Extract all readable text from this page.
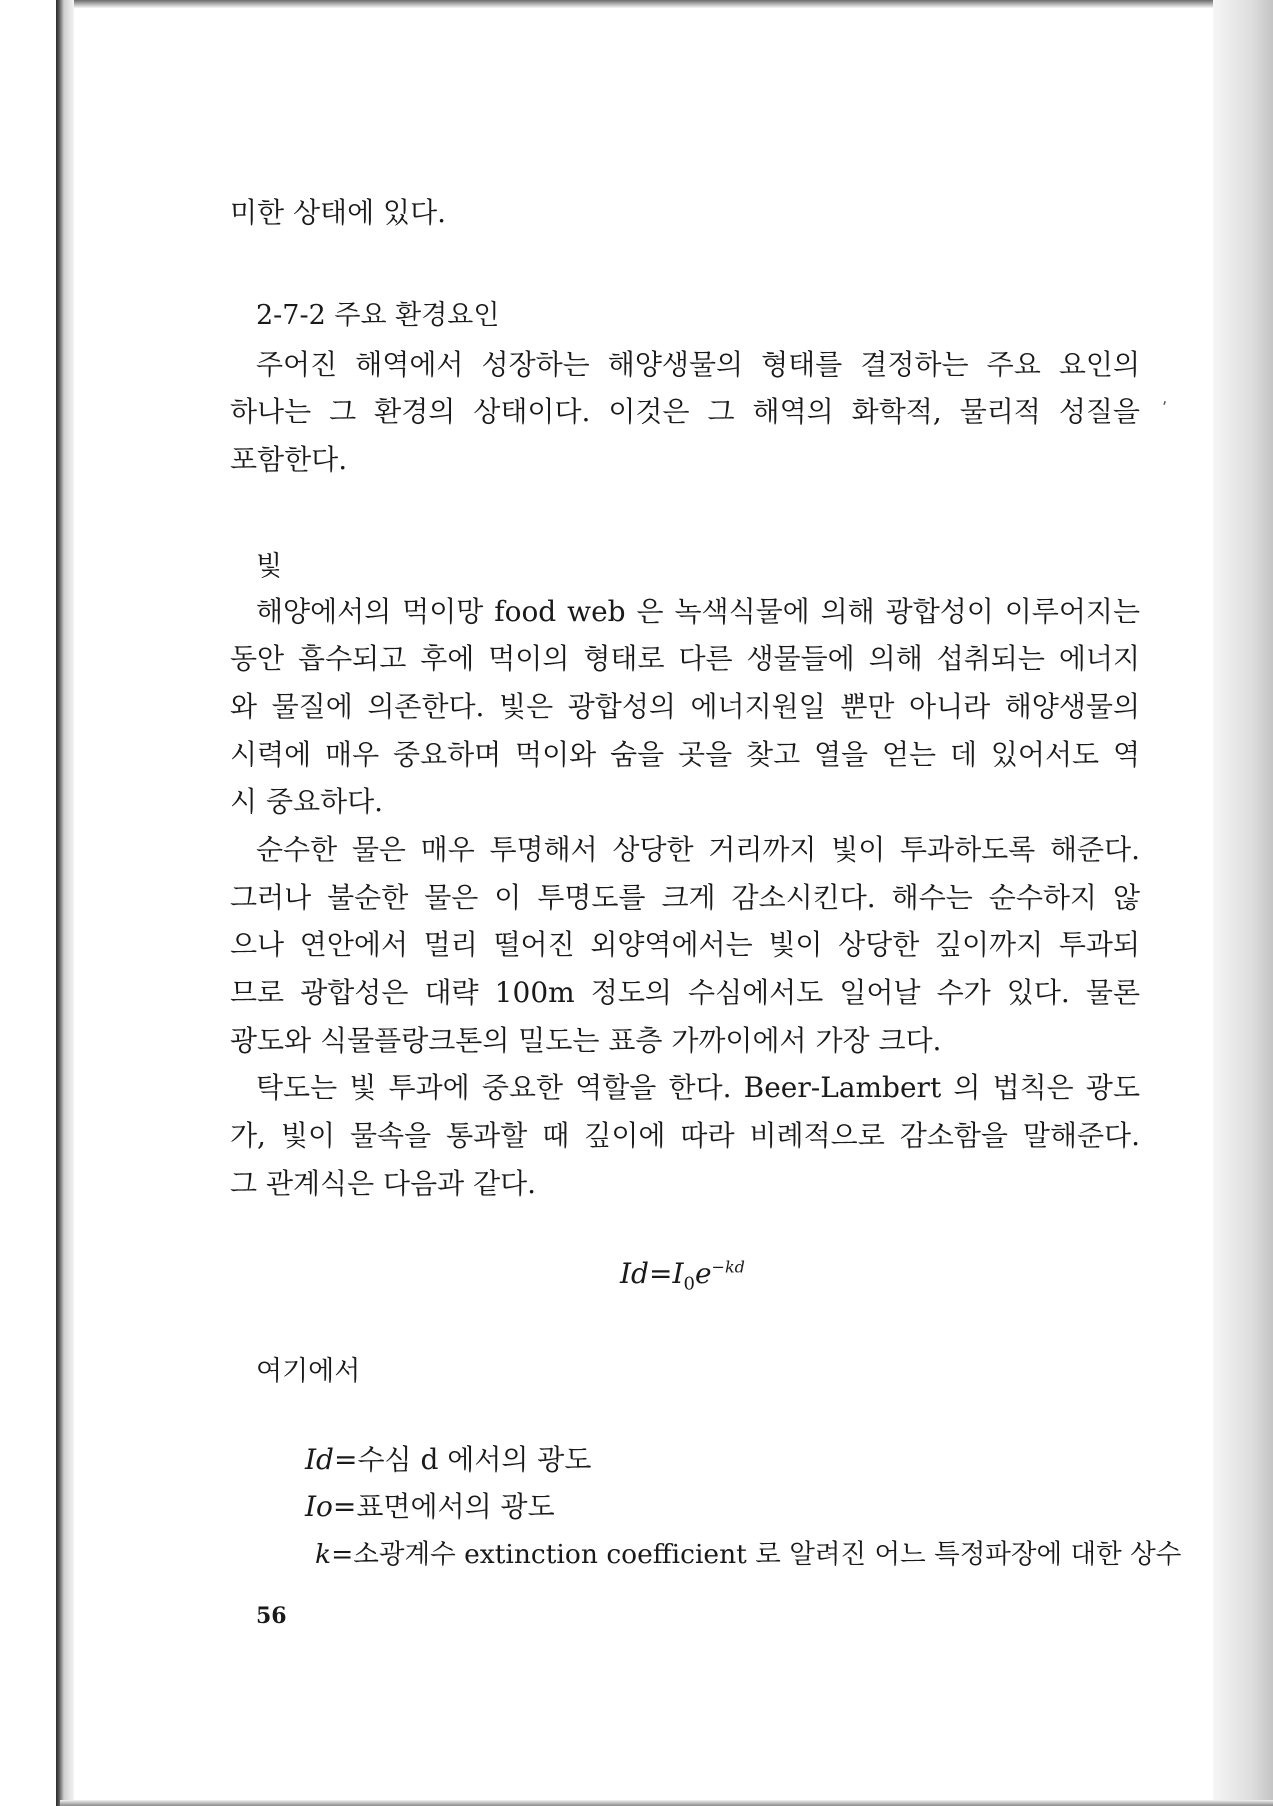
미한 상태에 있다.
2-7-2 주요 환경요인
주어진 해역에서 성장하는 해양생물의 형태를 결정하는 주요 요인의
하나는 그 환경의 상태이다. 이것은 그 해역의 화학적, 물리적 성질을
포함한다.
ʼ
빛
해양에서의 먹이망 food web 은 녹색식물에 의해 광합성이 이루어지는
동안 흡수되고 후에 먹이의 형태로 다른 생물들에 의해 섭취되는 에너지
와 물질에 의존한다. 빛은 광합성의 에너지원일 뿐만 아니라 해양생물의
시력에 매우 중요하며 먹이와 숨을 곳을 찾고 열을 얻는 데 있어서도 역
시 중요하다.
순수한 물은 매우 투명해서 상당한 거리까지 빛이 투과하도록 해준다.
그러나 불순한 물은 이 투명도를 크게 감소시킨다. 해수는 순수하지 않
으나 연안에서 멀리 떨어진 외양역에서는 빛이 상당한 깊이까지 투과되
므로 광합성은 대략 100m 정도의 수심에서도 일어날 수가 있다. 물론
광도와 식물플랑크톤의 밀도는 표층 가까이에서 가장 크다.
탁도는 빛 투과에 중요한 역할을 한다. Beer-Lambert 의 법칙은 광도
가, 빛이 물속을 통과할 때 깊이에 따라 비례적으로 감소함을 말해준다.
그 관계식은 다음과 같다.
$Id=I_0e^{-kd}$
여기에서
Id=수심 d 에서의 광도
Io=표면에서의 광도
k=소광계수 extinction coefficient 로 알려진 어느 특정파장에 대한 상수
56
